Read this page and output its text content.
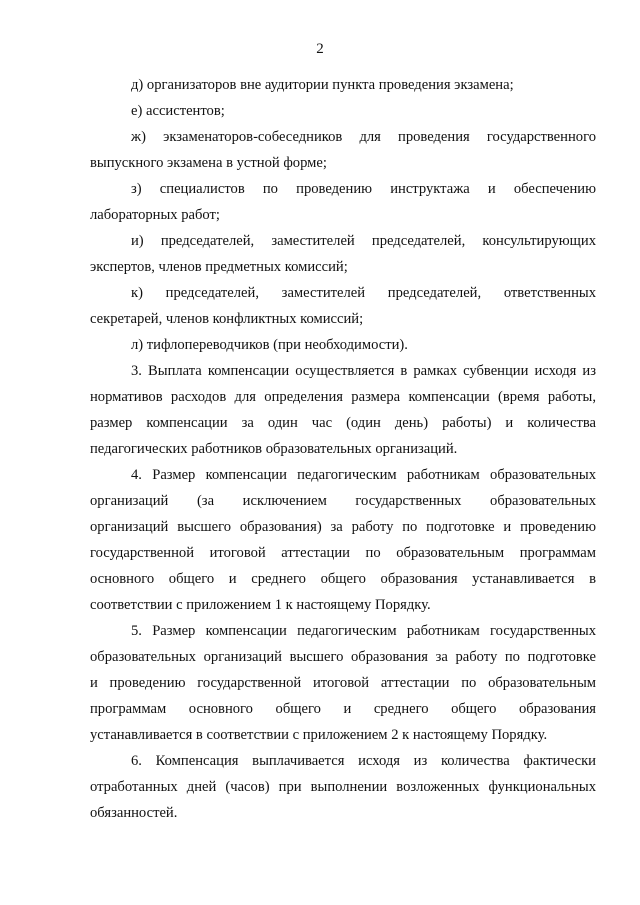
2

д) организаторов вне аудитории пункта проведения экзамена;

е) ассистентов;

ж) экзаменаторов-собеседников для проведения государственного
выпускного экзамена в устной форме;

з) специалистов по проведению инструктажа и обеспечению
лабораторных работ;

и) председателей, заместителей председателей, консультирующих
экспертов, членов предметных комиссий;

к) председателей, заместителей председателей, ответственных
секретарей, членов конфликтных комиссий;

л) тифлопереводчиков (при необходимости).

3. Выплата компенсации осуществляется в рамках субвенции исходя из
нормативов расходов для определения размера компенсации (время работы,
размер компенсации за один час (один день) работы) и количества
педагогических работников образовательных организаций.

4. Размер компенсации педагогическим работникам образовательных
организаций (за исключением государственных образовательных
организаций высшего образования) за работу по подготовке и проведению
государственной итоговой аттестации по образовательным программам
основного общего и среднего общего образования устанавливается в
соответствии с приложением 1 к настоящему Порядку.

5. Размер компенсации педагогическим работникам государственных
образовательных организаций высшего образования за работу по подготовке
и проведению государственной итоговой аттестации по образовательным
программам основного общего и среднего общего образования
устанавливается в соответствии с приложением 2 к настоящему Порядку.

6. Компенсация выплачивается исходя из количества фактически
отработанных дней (часов) при выполнении возложенных функциональных
обязанностей.
